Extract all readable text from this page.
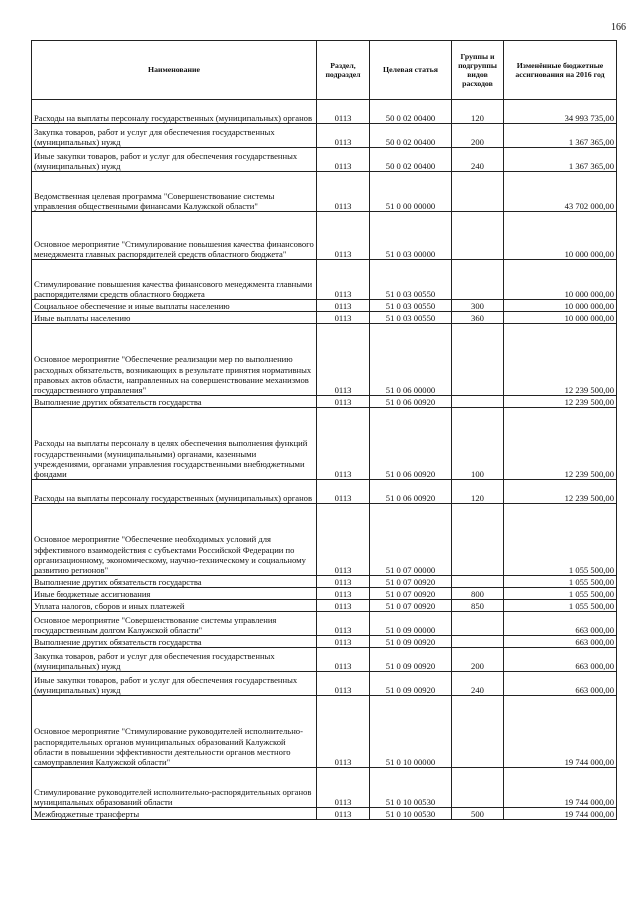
166
Наименование	Раздел, подраздел	Целевая статья	Группы и подгруппы видов расходов	Изменённые бюджетные ассигнования на 2016 год
Расходы на выплаты персоналу государственных (муниципальных) органов	0113	50 0 02 00400	120	34 993 735,00
Закупка товаров, работ и услуг для обеспечения государственных (муниципальных) нужд	0113	50 0 02 00400	200	1 367 365,00
Иные закупки товаров, работ и услуг для обеспечения государственных (муниципальных) нужд	0113	50 0 02 00400	240	1 367 365,00
Ведомственная целевая программа "Совершенствование системы управления общественными финансами Калужской области"	0113	51 0 00 00000		43 702 000,00
Основное мероприятие "Стимулирование повышения качества финансового менеджмента главных распорядителей средств областного бюджета"	0113	51 0 03 00000		10 000 000,00
Стимулирование повышения качества финансового менеджмента главными распорядителями средств областного бюджета	0113	51 0 03 00550		10 000 000,00
Социальное обеспечение и иные выплаты населению	0113	51 0 03 00550	300	10 000 000,00
Иные выплаты населению	0113	51 0 03 00550	360	10 000 000,00
Основное мероприятие "Обеспечение реализации мер по выполнению расходных обязательств, возникающих в результате принятия нормативных правовых актов области, направленных на совершенствование механизмов государственного управления"	0113	51 0 06 00000		12 239 500,00
Выполнение других обязательств государства	0113	51 0 06 00920		12 239 500,00
Расходы на выплаты персоналу в целях обеспечения выполнения функций государственными (муниципальными) органами, казенными учреждениями, органами управления государственными внебюджетными фондами	0113	51 0 06 00920	100	12 239 500,00
Расходы на выплаты персоналу государственных (муниципальных) органов	0113	51 0 06 00920	120	12 239 500,00
Основное мероприятие "Обеспечение необходимых условий для эффективного взаимодействия с субъектами Российской Федерации по организационному, экономическому, научно-техническому и социальному развитию регионов"	0113	51 0 07 00000		1 055 500,00
Выполнение других обязательств государства	0113	51 0 07 00920		1 055 500,00
Иные бюджетные ассигнования	0113	51 0 07 00920	800	1 055 500,00
Уплата налогов, сборов и иных платежей	0113	51 0 07 00920	850	1 055 500,00
Основное мероприятие "Совершенствование системы управления государственным долгом Калужской области"	0113	51 0 09 00000		663 000,00
Выполнение других обязательств государства	0113	51 0 09 00920		663 000,00
Закупка товаров, работ и услуг для обеспечения государственных (муниципальных) нужд	0113	51 0 09 00920	200	663 000,00
Иные закупки товаров, работ и услуг для обеспечения государственных (муниципальных) нужд	0113	51 0 09 00920	240	663 000,00
Основное мероприятие "Стимулирование руководителей исполнительно-распорядительных органов муниципальных образований Калужской области в повышении эффективности деятельности органов местного самоуправления Калужской области"	0113	51 0 10 00000		19 744 000,00
Стимулирование руководителей исполнительно-распорядительных органов муниципальных образований области	0113	51 0 10 00530		19 744 000,00
Межбюджетные трансферты	0113	51 0 10 00530	500	19 744 000,00
